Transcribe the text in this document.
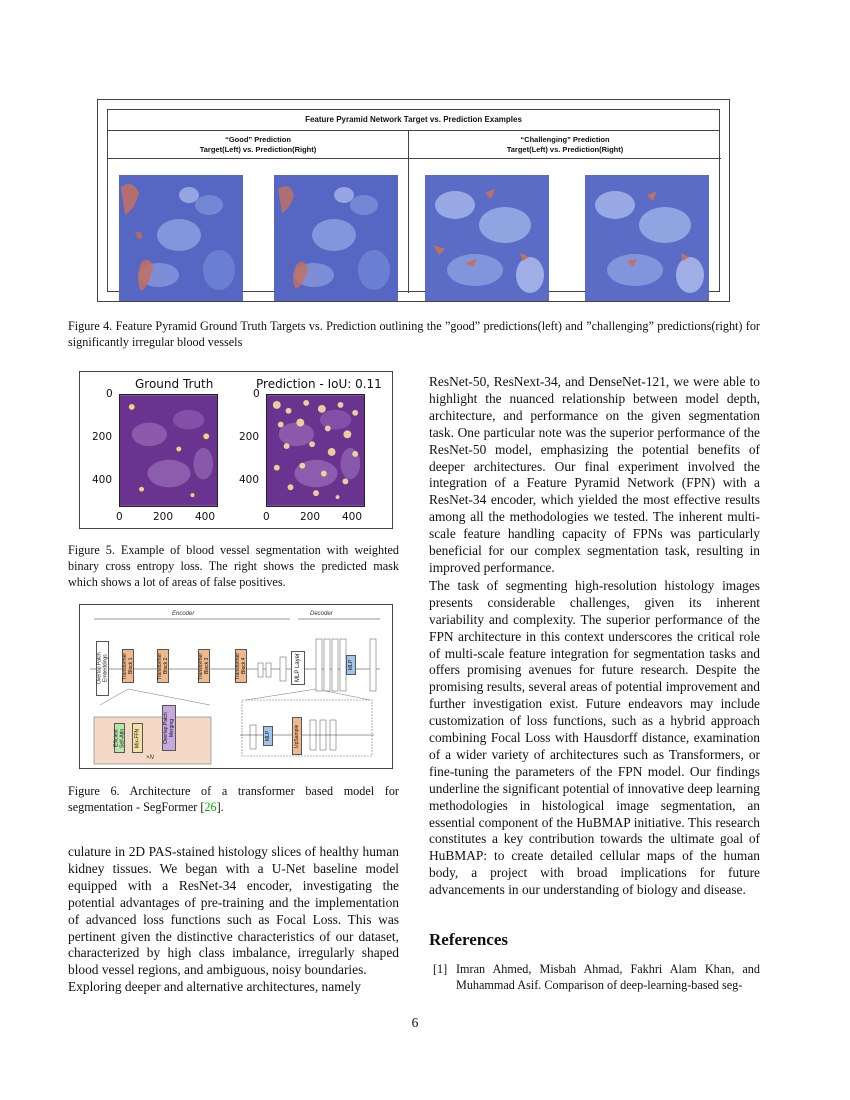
Feature Pyramid Network Target vs. Prediction Examples
“Good” Prediction
Target(Left) vs. Prediction(Right)
“Challenging” Prediction
Target(Left) vs. Prediction(Right)
Figure 4. Feature Pyramid Ground Truth Targets vs. Prediction outlining the ”good” predictions(left) and ”challenging” predictions(right) for significantly irregular blood vessels
Ground Truth	Prediction - IoU: 0.11
0
200
400
0	200 400
0
200
400
0	200 400
Figure 5. Example of blood vessel segmentation with weighted binary cross entropy loss. The right shows the predicted mask which shows a lot of areas of false positives.
Encoder	Decoder
Overlap Patch Embeddings	Transformer Block 1	Transformer Block 2	Transformer Block 3	Transformer Block 4	MLP Layer	MLP
Efficient Self-Attn	Mix-FFN	Overlap Patch Merging
×N
MLP	UpSample
Figure 6. Architecture of a transformer based model for segmentation - SegFormer [26].

culature in 2D PAS-stained histology slices of healthy human kidney tissues. We began with a U-Net baseline model equipped with a ResNet-34 encoder, investigating the potential advantages of pre-training and the implementation of advanced loss functions such as Focal Loss. This was pertinent given the distinctive characteristics of our dataset, characterized by high class imbalance, irregularly shaped blood vessel regions, and ambiguous, noisy boundaries.

Exploring deeper and alternative architectures, namely

ResNet-50, ResNext-34, and DenseNet-121, we were able to highlight the nuanced relationship between model depth, architecture, and performance on the given segmentation task. One particular note was the superior performance of the ResNet-50 model, emphasizing the potential benefits of deeper architectures. Our final experiment involved the integration of a Feature Pyramid Network (FPN) with a ResNet-34 encoder, which yielded the most effective results among all the methodologies we tested. The inherent multi-scale feature handling capacity of FPNs was particularly beneficial for our complex segmentation task, resulting in improved performance.

The task of segmenting high-resolution histology images presents considerable challenges, given its inherent variability and complexity. The superior performance of the FPN architecture in this context underscores the critical role of multi-scale feature integration for segmentation tasks and offers promising avenues for future research. Despite the promising results, several areas of potential improvement and further investigation exist. Future endeavors may include customization of loss functions, such as a hybrid approach combining Focal Loss with Hausdorff distance, examination of a wider variety of architectures such as Transformers, or fine-tuning the parameters of the FPN model. Our findings underline the significant potential of innovative deep learning methodologies in histological image segmentation, an essential component of the HuBMAP initiative. This research constitutes a key contribution towards the ultimate goal of HuBMAP: to create detailed cellular maps of the human body, a project with broad implications for future advancements in our understanding of biology and disease.

References
[1] Imran Ahmed, Misbah Ahmad, Fakhri Alam Khan, and Muhammad Asif. Comparison of deep-learning-based seg-
6
